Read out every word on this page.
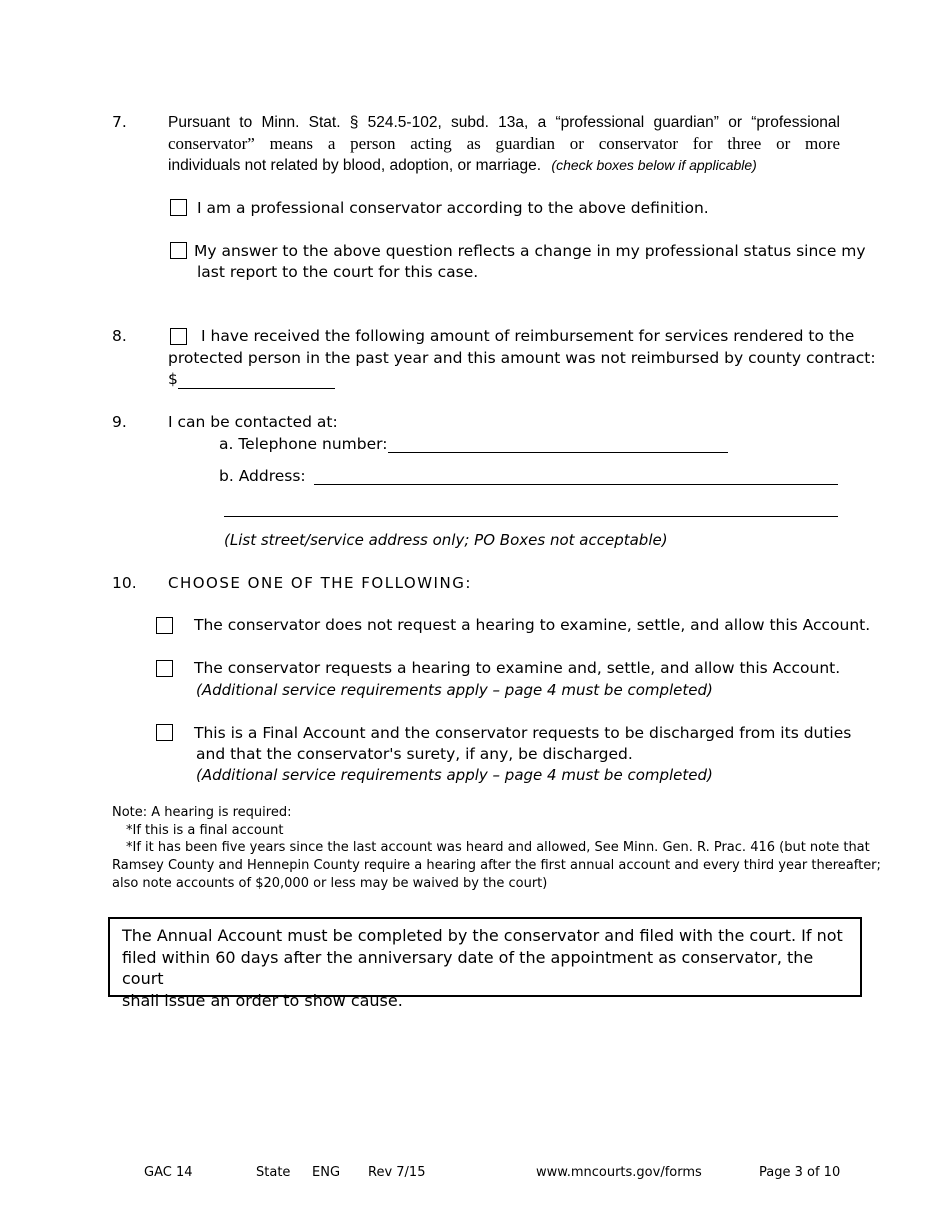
7.	Pursuant to Minn. Stat. § 524.5-102, subd. 13a, a “professional guardian” or “professional
conservator” means a person acting as guardian or conservator for three or more
individuals not related by blood, adoption, or marriage. (check boxes below if applicable)
I am a professional conservator according to the above definition.
My answer to the above question reflects a change in my professional status since my
last report to the court for this case.
8.	I have received the following amount of reimbursement for services rendered to the
protected person in the past year and this amount was not reimbursed by county contract:
$
9.	I can be contacted at:
a. Telephone number:
b. Address:
(List street/service address only; PO Boxes not acceptable)
10. CHOOSE ONE OF THE FOLLOWING:
The conservator does not request a hearing to examine, settle, and allow this Account.
The conservator requests a hearing to examine and, settle, and allow this Account.
(Additional service requirements apply – page 4 must be completed)
This is a Final Account and the conservator requests to be discharged from its duties
and that the conservator's surety, if any, be discharged.
(Additional service requirements apply – page 4 must be completed)
Note: A hearing is required:
*If this is a final account
*If it has been five years since the last account was heard and allowed, See Minn. Gen. R. Prac. 416 (but note that
Ramsey County and Hennepin County require a hearing after the first annual account and every third year thereafter;
also note accounts of $20,000 or less may be waived by the court)
The Annual Account must be completed by the conservator and filed with the court. If not
filed within 60 days after the anniversary date of the appointment as conservator, the court
shall issue an order to show cause.
GAC 14	State ENG Rev 7/15	www.mncourts.gov/forms	Page 3 of 10
